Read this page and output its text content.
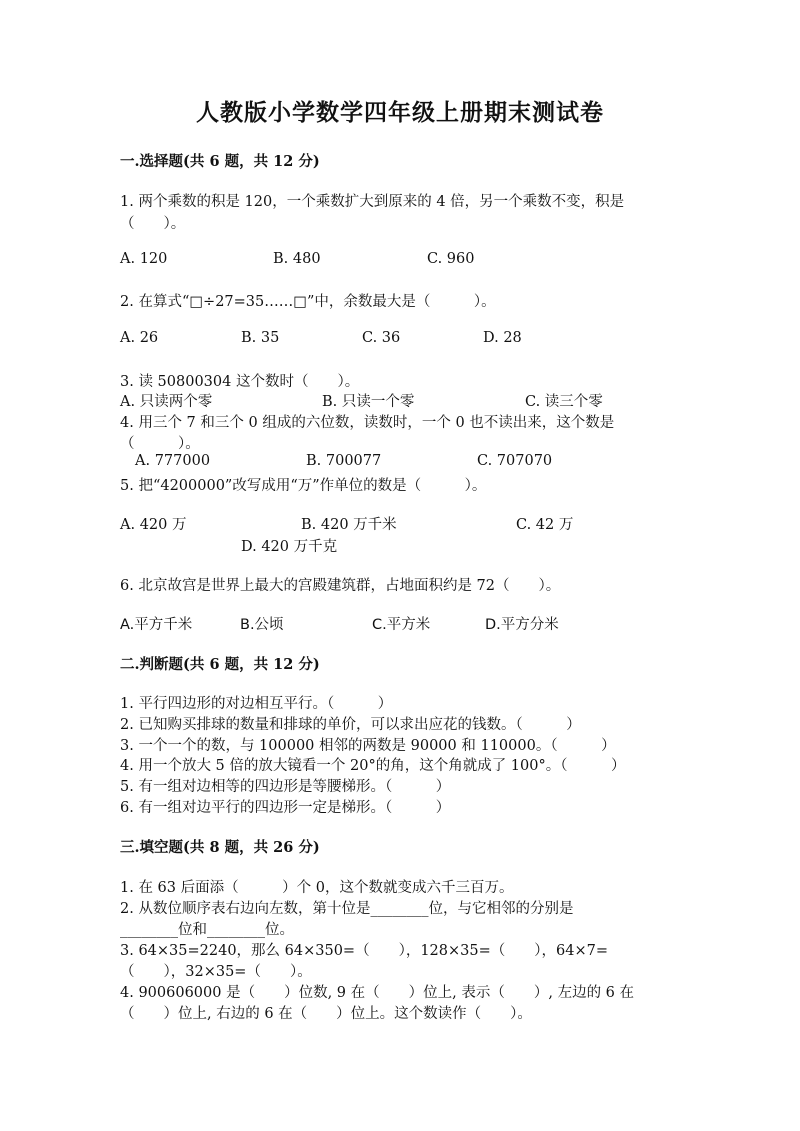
人教版小学数学四年级上册期末测试卷
一.选择题(共 6 题，共 12 分)
1. 两个乘数的积是 120，一个乘数扩大到原来的 4 倍，另一个乘数不变，积是
（　　）。
A. 120	B. 480	C. 960
2. 在算式“□÷27=35……□”中，余数最大是（　　　）。
A. 26	B. 35	C. 36	D. 28
3. 读 50800304 这个数时（　　）。
A. 只读两个零	B. 只读一个零	C. 读三个零
4. 用三个 7 和三个 0 组成的六位数，读数时，一个 0 也不读出来，这个数是
（　　　）。
A. 777000	B. 700077	C. 707070
5. 把“4200000”改写成用“万”作单位的数是（　　　）。
A. 420 万	B. 420 万千米	C. 42 万
D. 420 万千克
6. 北京故宫是世界上最大的宫殿建筑群，占地面积约是 72（　　）。
A.平方千米	B.公顷	C.平方米	D.平方分米
二.判断题(共 6 题，共 12 分)
1. 平行四边形的对边相互平行。（　　　）
2. 已知购买排球的数量和排球的单价，可以求出应花的钱数。（　　　）
3. 一个一个的数，与 100000 相邻的两数是 90000 和 110000。（　　　）
4. 用一个放大 5 倍的放大镜看一个 20°的角，这个角就成了 100°。（　　　）
5. 有一组对边相等的四边形是等腰梯形。（　　　）
6. 有一组对边平行的四边形一定是梯形。（　　　）
三.填空题(共 8 题，共 26 分)
1. 在 63 后面添（　　　）个 0，这个数就变成六千三百万。
2. 从数位顺序表右边向左数，第十位是________位，与它相邻的分别是
________位和________位。
3. 64×35=2240，那么 64×350=（　　），128×35=（　　），64×7=
（　　），32×35=（　　）。
4. 900606000 是（　　）位数, 9 在（　　）位上, 表示（　　）, 左边的 6 在
（　　）位上, 右边的 6 在（　　）位上。这个数读作（　　）。
